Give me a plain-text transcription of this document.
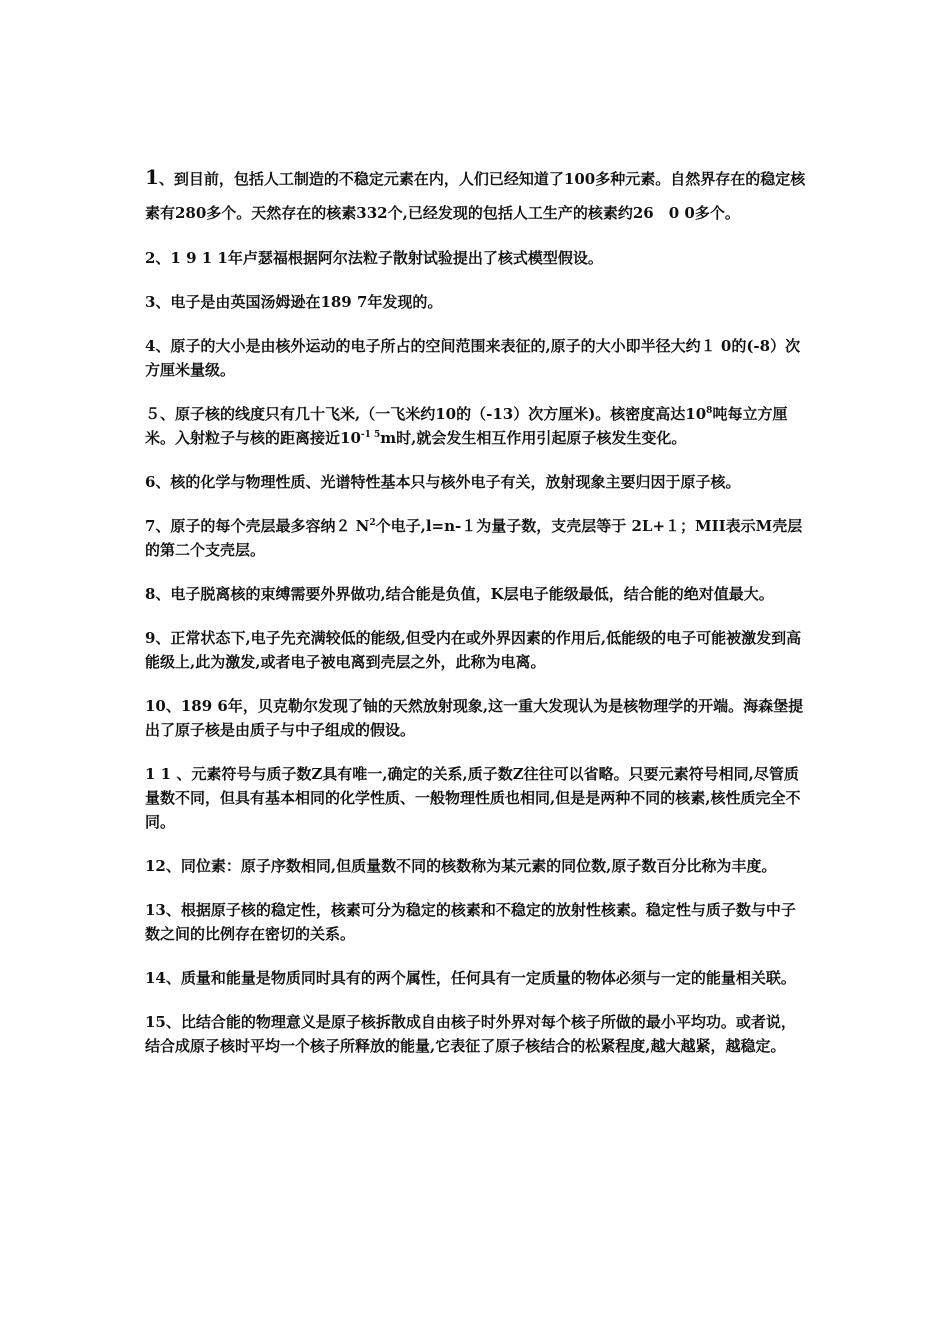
1、到目前，包括人工制造的不稳定元素在内，人们已经知道了100多种元素。自然界存在的稳定核素有280多个。天然存在的核素332个,已经发现的包括人工生产的核素约26　0 0多个。

2、1 9 1 1年卢瑟福根据阿尔法粒子散射试验提出了核式模型假设。

3、电子是由英国汤姆逊在189 7年发现的。

4、原子的大小是由核外运动的电子所占的空间范围来表征的,原子的大小即半径大约１ 0的(-8）次方厘米量级。

５、原子核的线度只有几十飞米,（一飞米约10的（-13）次方厘米)。核密度高达$10^8$吨每立方厘米。入射粒子与核的距离接近$10^{-1 5}m$时,就会发生相互作用引起原子核发生变化。

6、核的化学与物理性质、光谱特性基本只与核外电子有关，放射现象主要归因于原子核。

7、原子的每个壳层最多容纳２ $N^2$个电子,l=n-１为量子数，支壳层等于 2L+１；MII表示M壳层的第二个支壳层。

8、电子脱离核的束缚需要外界做功,结合能是负值，K层电子能级最低，结合能的绝对值最大。

9、正常状态下,电子先充满较低的能级,但受内在或外界因素的作用后,低能级的电子可能被激发到高能级上,此为激发,或者电子被电离到壳层之外，此称为电离。

10、189 6年，贝克勒尔发现了铀的天然放射现象,这一重大发现认为是核物理学的开端。海森堡提出了原子核是由质子与中子组成的假设。

1 1 、元素符号与质子数Z具有唯一,确定的关系,质子数Z往往可以省略。只要元素符号相同,尽管质量数不同，但具有基本相同的化学性质、一般物理性质也相同,但是是两种不同的核素,核性质完全不同。

12、同位素：原子序数相同,但质量数不同的核数称为某元素的同位数,原子数百分比称为丰度。

13、根据原子核的稳定性，核素可分为稳定的核素和不稳定的放射性核素。稳定性与质子数与中子数之间的比例存在密切的关系。

14、质量和能量是物质同时具有的两个属性，任何具有一定质量的物体必须与一定的能量相关联。

15、比结合能的物理意义是原子核拆散成自由核子时外界对每个核子所做的最小平均功。或者说，结合成原子核时平均一个核子所释放的能量,它表征了原子核结合的松紧程度,越大越紧，越稳定。
